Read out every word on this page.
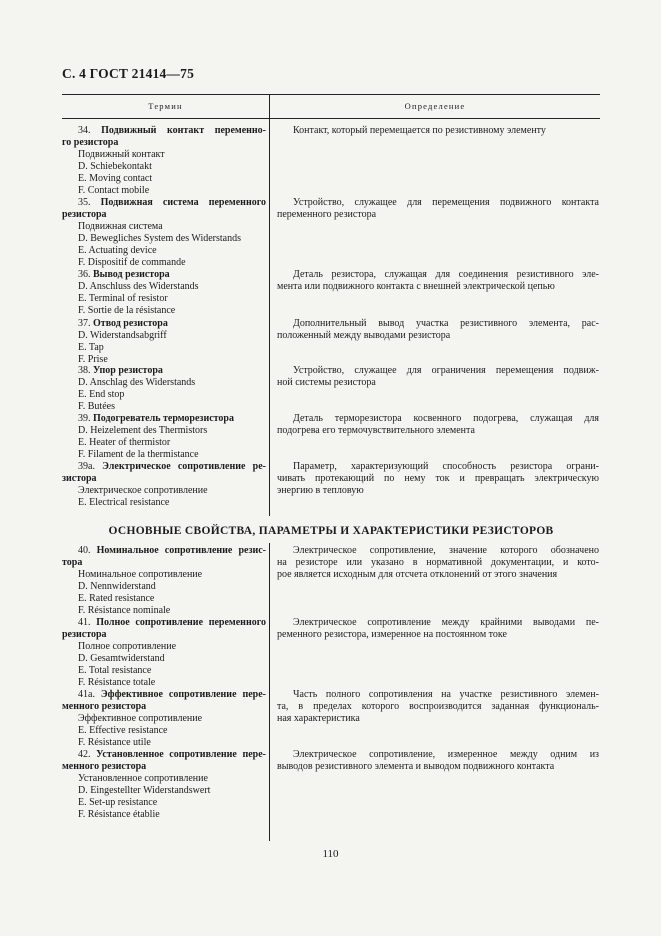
С. 4 ГОСТ 21414—75
Термин	Определение
34. Подвижный контакт переменно-
го резистора
Подвижный контакт
D. Schiebekontakt
E. Moving contact
F. Contact mobile
Контакт, который перемещается по резистивному элементу
35. Подвижная система переменного
резистора
Подвижная система
D. Bewegliches System des Widerstands
E. Actuating device
F. Dispositif de commande
Устройство, служащее для перемещения подвижного контакта
переменного резистора
36. Вывод резистора
D. Anschluss des Widerstands
E. Terminal of resistor
F. Sortie de la résistance
Деталь резистора, служащая для соединения резистивного эле-
мента или подвижного контакта с внешней электрической цепью
37. Отвод резистора
D. Widerstandsabgriff
E. Tap
F. Prise
Дополнительный вывод участка резистивного элемента, рас-
положенный между выводами резистора
38. Упор резистора
D. Anschlag des Widerstands
E. End stop
F. Butées
Устройство, служащее для ограничения перемещения подвиж-
ной системы резистора
39. Подогреватель терморезистора
D. Heizelement des Thermistors
E. Heater of thermistor
F. Filament de la thermistance
Деталь терморезистора косвенного подогрева, служащая для
подогрева его термочувствительного элемента
39а. Электрическое сопротивление ре-
зистора
Электрическое сопротивление
E. Electrical resistance
Параметр, характеризующий способность резистора ограни-
чивать протекающий по нему ток и превращать электрическую
энергию в тепловую
ОСНОВНЫЕ СВОЙСТВА, ПАРАМЕТРЫ И ХАРАКТЕРИСТИКИ РЕЗИСТОРОВ
40. Номинальное сопротивление резис-
тора
Номинальное сопротивление
D. Nennwiderstand
E. Rated resistance
F. Résistance nominale
Электрическое сопротивление, значение которого обозначено
на резисторе или указано в нормативной документации, и кото-
рое является исходным для отсчета отклонений от этого значения
41. Полное сопротивление переменного
резистора
Полное сопротивление
D. Gesamtwiderstand
E. Total resistance
F. Résistance totale
Электрическое сопротивление между крайними выводами пе-
ременного резистора, измеренное на постоянном токе
41а. Эффективное сопротивление пере-
менного резистора
Эффективное сопротивление
E. Effective resistance
F. Résistance utile
Часть полного сопротивления на участке резистивного элемен-
та, в пределах которого воспроизводится заданная функциональ-
ная характеристика
42. Установленное сопротивление пере-
менного резистора
Установленное сопротивление
D. Eingestellter Widerstandswert
E. Set-up resistance
F. Résistance établie
Электрическое сопротивление, измеренное между одним из
выводов резистивного элемента и выводом подвижного контакта
110
